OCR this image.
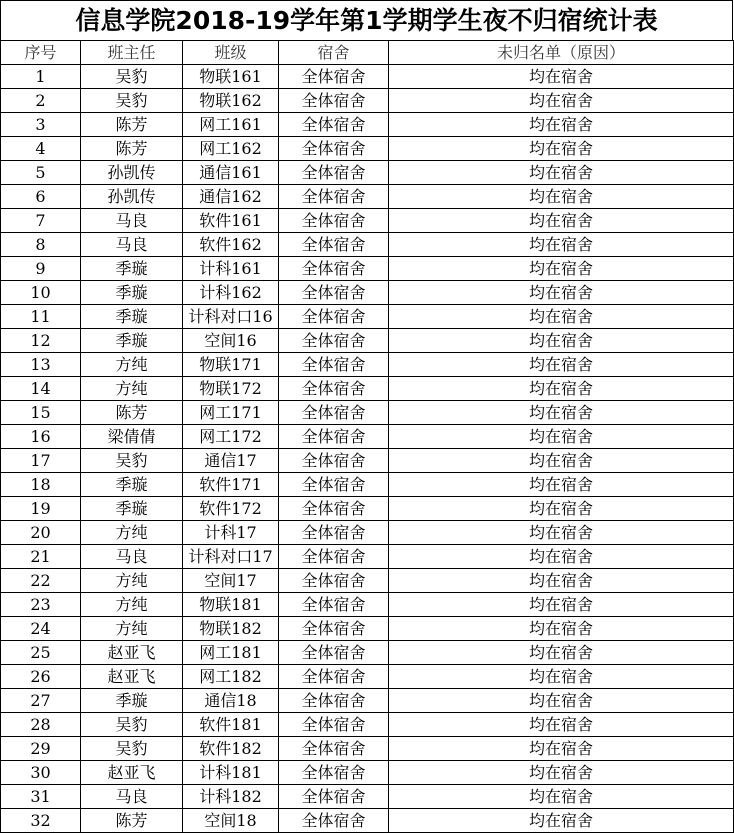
信息学院2018-19学年第1学期学生夜不归宿统计表
序号	班主任	班级	宿舍	未归名单（原因）
1	吴豹	物联161	全体宿舍	均在宿舍
2	吴豹	物联162	全体宿舍	均在宿舍
3	陈芳	网工161	全体宿舍	均在宿舍
4	陈芳	网工162	全体宿舍	均在宿舍
5	孙凯传	通信161	全体宿舍	均在宿舍
6	孙凯传	通信162	全体宿舍	均在宿舍
7	马良	软件161	全体宿舍	均在宿舍
8	马良	软件162	全体宿舍	均在宿舍
9	季璇	计科161	全体宿舍	均在宿舍
10	季璇	计科162	全体宿舍	均在宿舍
11	季璇	计科对口16	全体宿舍	均在宿舍
12	季璇	空间16	全体宿舍	均在宿舍
13	方纯	物联171	全体宿舍	均在宿舍
14	方纯	物联172	全体宿舍	均在宿舍
15	陈芳	网工171	全体宿舍	均在宿舍
16	梁倩倩	网工172	全体宿舍	均在宿舍
17	吴豹	通信17	全体宿舍	均在宿舍
18	季璇	软件171	全体宿舍	均在宿舍
19	季璇	软件172	全体宿舍	均在宿舍
20	方纯	计科17	全体宿舍	均在宿舍
21	马良	计科对口17	全体宿舍	均在宿舍
22	方纯	空间17	全体宿舍	均在宿舍
23	方纯	物联181	全体宿舍	均在宿舍
24	方纯	物联182	全体宿舍	均在宿舍
25	赵亚飞	网工181	全体宿舍	均在宿舍
26	赵亚飞	网工182	全体宿舍	均在宿舍
27	季璇	通信18	全体宿舍	均在宿舍
28	吴豹	软件181	全体宿舍	均在宿舍
29	吴豹	软件182	全体宿舍	均在宿舍
30	赵亚飞	计科181	全体宿舍	均在宿舍
31	马良	计科182	全体宿舍	均在宿舍
32	陈芳	空间18	全体宿舍	均在宿舍
